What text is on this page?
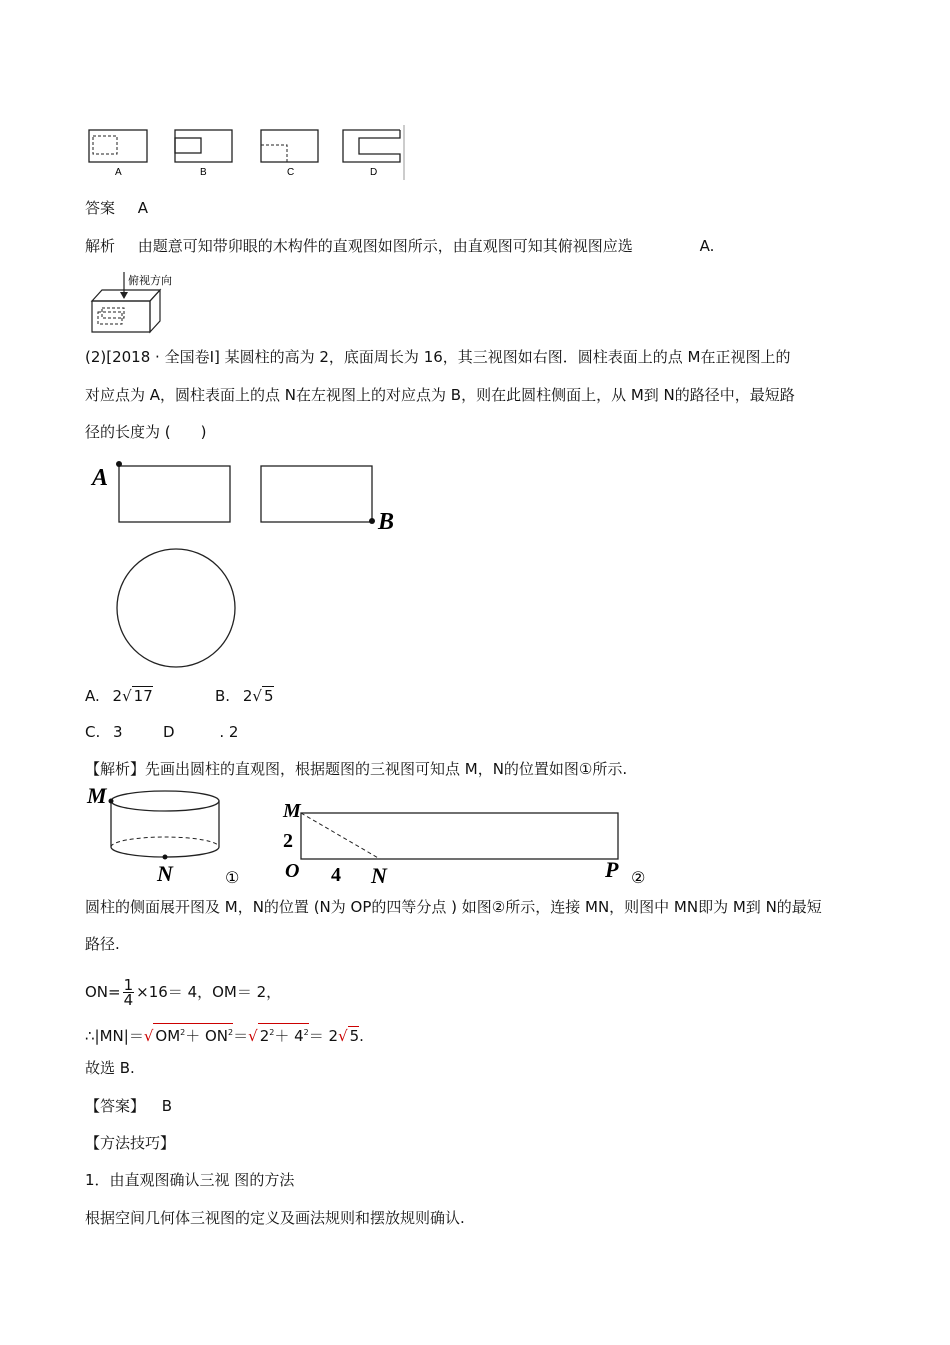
A	B	C	D
答案 A
解析 由题意可知带卯眼的木构件的直观图如图所示，由直观图可知其俯视图应选	A.
俯视方向
(2)[2018 · 全国卷Ⅰ] 某圆柱的高为 2，底面周长为 16，其三视图如右图．圆柱表面上的点 M在正视图上的
对应点为 A，圆柱表面上的点 N在左视图上的对应点为 B，则在此圆柱侧面上，从 M到 N的路径中，最短路
径的长度为 (　　)
A
B
A. 2√ 17	B. 2√ 5
C. 3	D	. 2
【解析】先画出圆柱的直观图，根据题图的三视图可知点 M，N的位置如图①所示.
M
N	①
M
2
O 4 N	P ②
圆柱的侧面展开图及 M，N的位置 (N为 OP的四等分点 ) 如图②所示，连接 MN，则图中 MN即为 M到 N的最短
路径.
$ON= \frac{1}{4} \times 16= 4$，OM＝ 2，
∴|MN|＝√ $OM^2+ ON^2=√$ $2^2+ 4^2= 2√$ 5.
故选 B.
【答案】 B
【方法技巧】
1．由直观图确认三视 图的方法
根据空间几何体三视图的定义及画法规则和摆放规则确认.
